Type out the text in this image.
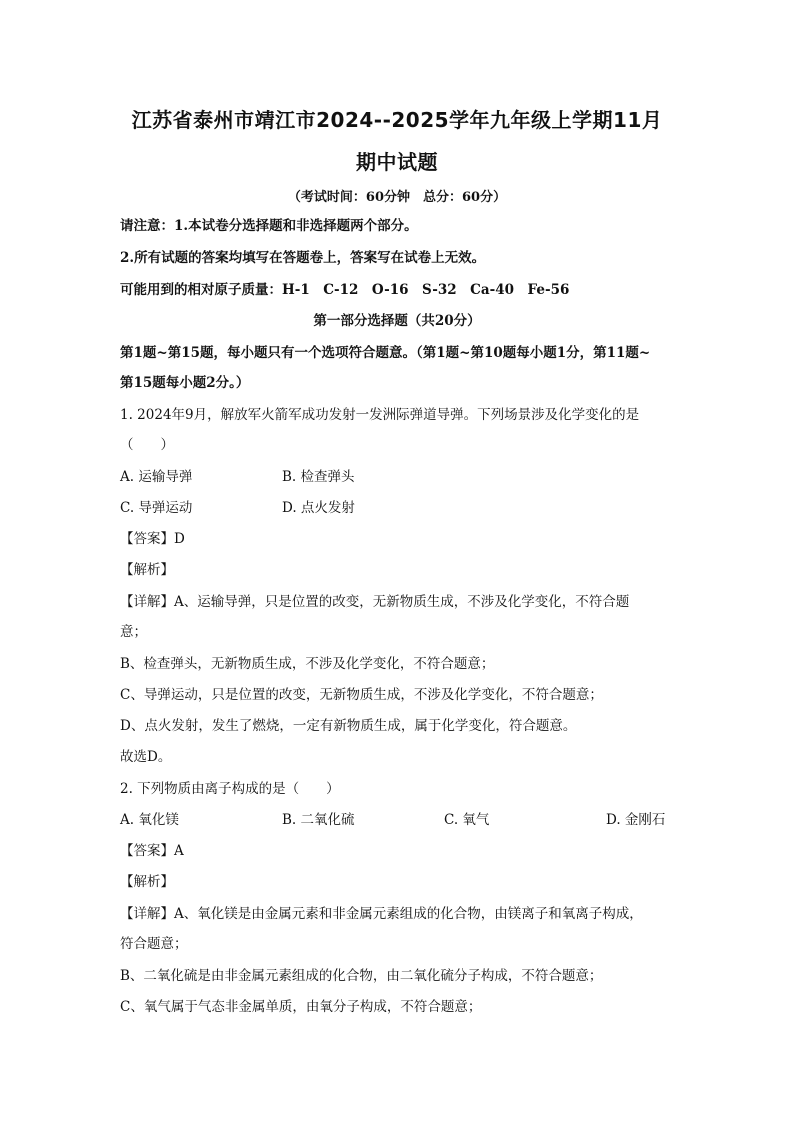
江苏省泰州市靖江市2024--2025学年九年级上学期11月
期中试题
（考试时间：60分钟　总分：60分）
请注意：1.本试卷分选择题和非选择题两个部分。
2.所有试题的答案均填写在答题卷上，答案写在试卷上无效。
可能用到的相对原子质量：H-1　C-12　O-16　S-32　Ca-40　Fe-56
第一部分选择题（共20分）
第1题~第15题，每小题只有一个选项符合题意。（第1题~第10题每小题1分，第11题~
第15题每小题2分。）
1. 2024年9月，解放军火箭军成功发射一发洲际弹道导弹。下列场景涉及化学变化的是
（　　）
A. 运输导弹	B. 检查弹头
C. 导弹运动	D. 点火发射
【答案】D
【解析】
【详解】A、运输导弹，只是位置的改变，无新物质生成，不涉及化学变化，不符合题
意；
B、检查弹头，无新物质生成，不涉及化学变化，不符合题意；
C、导弹运动，只是位置的改变，无新物质生成，不涉及化学变化，不符合题意；
D、点火发射，发生了燃烧，一定有新物质生成，属于化学变化，符合题意。
故选D。
2. 下列物质由离子构成的是（　　）
A. 氧化镁	B. 二氧化硫	C. 氧气	D. 金刚石
【答案】A
【解析】
【详解】A、氧化镁是由金属元素和非金属元素组成的化合物，由镁离子和氧离子构成，
符合题意；
B、二氧化硫是由非金属元素组成的化合物，由二氧化硫分子构成，不符合题意；
C、氧气属于气态非金属单质，由氧分子构成，不符合题意；
